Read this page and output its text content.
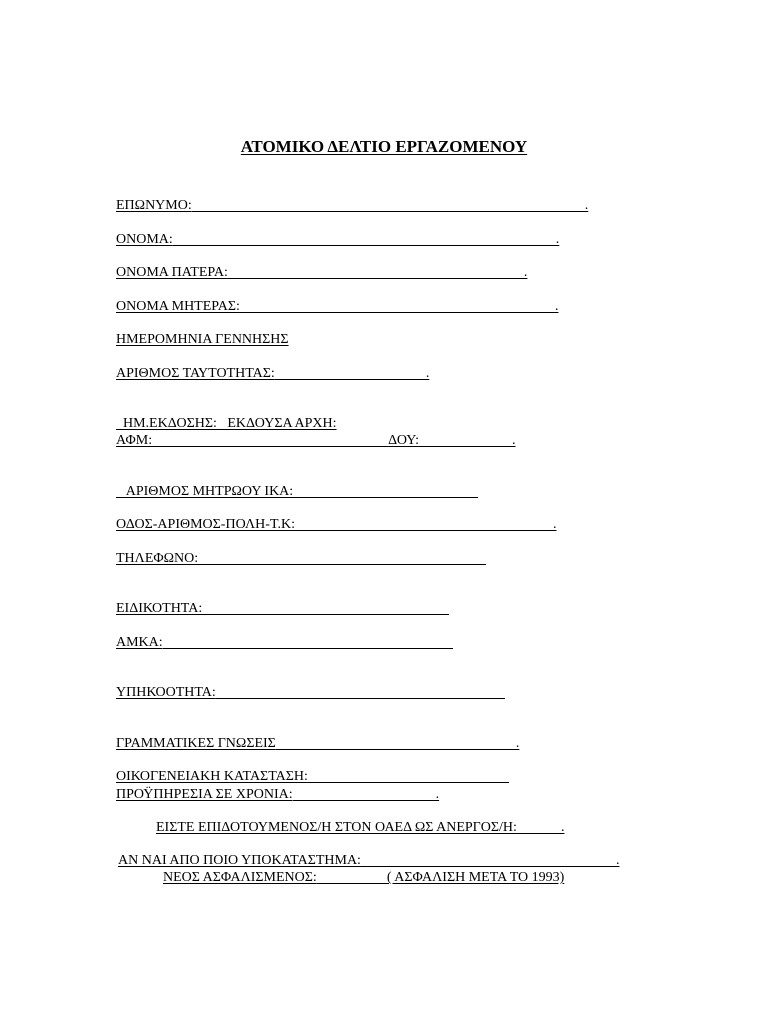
ΑΤΟΜΙΚΟ ΔΕΛΤΙΟ ΕΡΓΑΖΟΜΕΝΟΥ
ΕΠΩΝΥΜΟ:	.
ΟΝΟΜΑ:	.
ΟΝΟΜΑ ΠΑΤΕΡΑ:	.
ΟΝΟΜΑ ΜΗΤΕΡΑΣ:	.
ΗΜΕΡΟΜΗΝΙΑ ΓΕΝΝΗΣΗΣ
ΑΡΙΘΜΟΣ ΤΑΥΤΟΤΗΤΑΣ:	.

ΗΜ.ΕΚΔΟΣΗΣ:   ΕΚΔΟΥΣΑ ΑΡΧΗ:

ΑΦΜ:	ΔΟΥ:	.

ΑΡΙΘΜΟΣ ΜΗΤΡΩΟΥ ΙΚΑ:

ΟΔΟΣ-ΑΡΙΘΜΟΣ-ΠΟΛΗ-Τ.Κ:	.
ΤΗΛΕΦΩΝΟ:
ΕΙΔΙΚΟΤΗΤΑ:
ΑΜΚΑ:
ΥΠΗΚΟΟΤΗΤΑ:
ΓΡΑΜΜΑΤΙΚΕΣ ΓΝΩΣΕΙΣ	.
ΟΙΚΟΓΕΝΕΙΑΚΗ ΚΑΤΑΣΤΑΣΗ:
ΠΡΟΫΠΗΡΕΣΙΑ ΣΕ ΧΡΟΝΙΑ:	.
ΕΙΣΤΕ ΕΠΙΔΟΤΟΥΜΕΝΟΣ/Η ΣΤΟΝ ΟΑΕΔ ΩΣ ΑΝΕΡΓΟΣ/Η:	.
ΑΝ ΝΑΙ ΑΠΟ ΠΟΙΟ ΥΠΟΚΑΤΑΣΤΗΜΑ:	.
ΝΕΟΣ ΑΣΦΑΛΙΣΜΕΝΟΣ:	( ΑΣΦΑΛΙΣΗ ΜΕΤΑ ΤΟ 1993)
